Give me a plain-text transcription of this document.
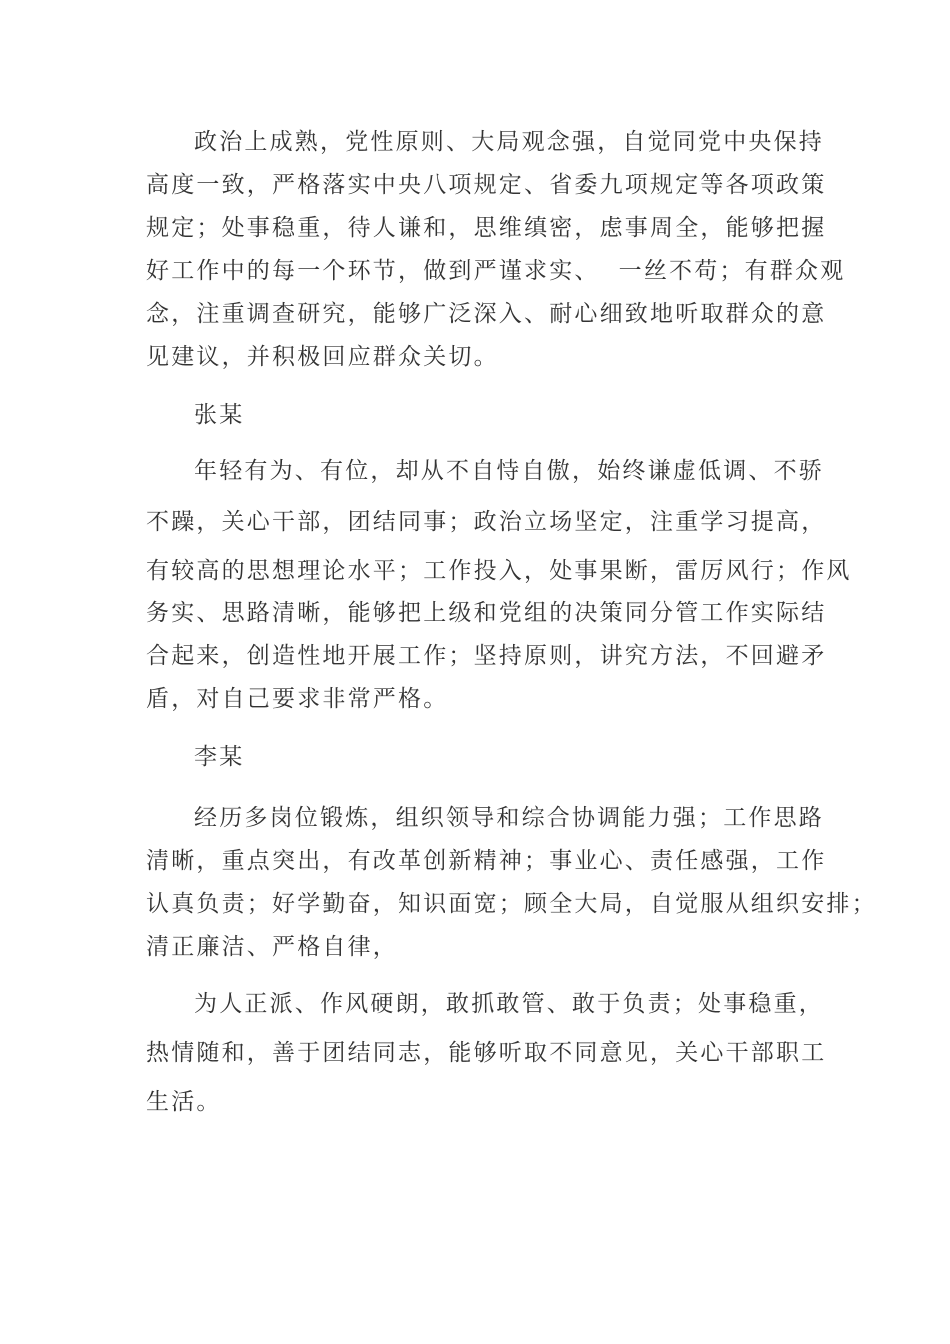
政治上成熟，党性原则、大局观念强，自觉同党中央保持
高度一致，严格落实中央八项规定、省委九项规定等各项政策
规定；处事稳重，待人谦和，思维缜密，虑事周全，能够把握
好工作中的每一个环节，做到严谨求实、  一丝不苟；有群众观
念，注重调查研究，能够广泛深入、耐心细致地听取群众的意
见建议，并积极回应群众关切。
张某
年轻有为、有位，却从不自恃自傲，始终谦虚低调、不骄
不躁，关心干部，团结同事；政治立场坚定，注重学习提高，
有较高的思想理论水平；工作投入，处事果断，雷厉风行；作风
务实、思路清晰，能够把上级和党组的决策同分管工作实际结
合起来，创造性地开展工作；坚持原则，讲究方法，不回避矛
盾，对自己要求非常严格。
李某
经历多岗位锻炼，组织领导和综合协调能力强；工作思路
清晰，重点突出，有改革创新精神；事业心、责任感强，工作
认真负责；好学勤奋，知识面宽；顾全大局，自觉服从组织安排；
清正廉洁、严格自律，
为人正派、作风硬朗，敢抓敢管、敢于负责；处事稳重，
热情随和，善于团结同志，能够听取不同意见，关心干部职工
生活。
